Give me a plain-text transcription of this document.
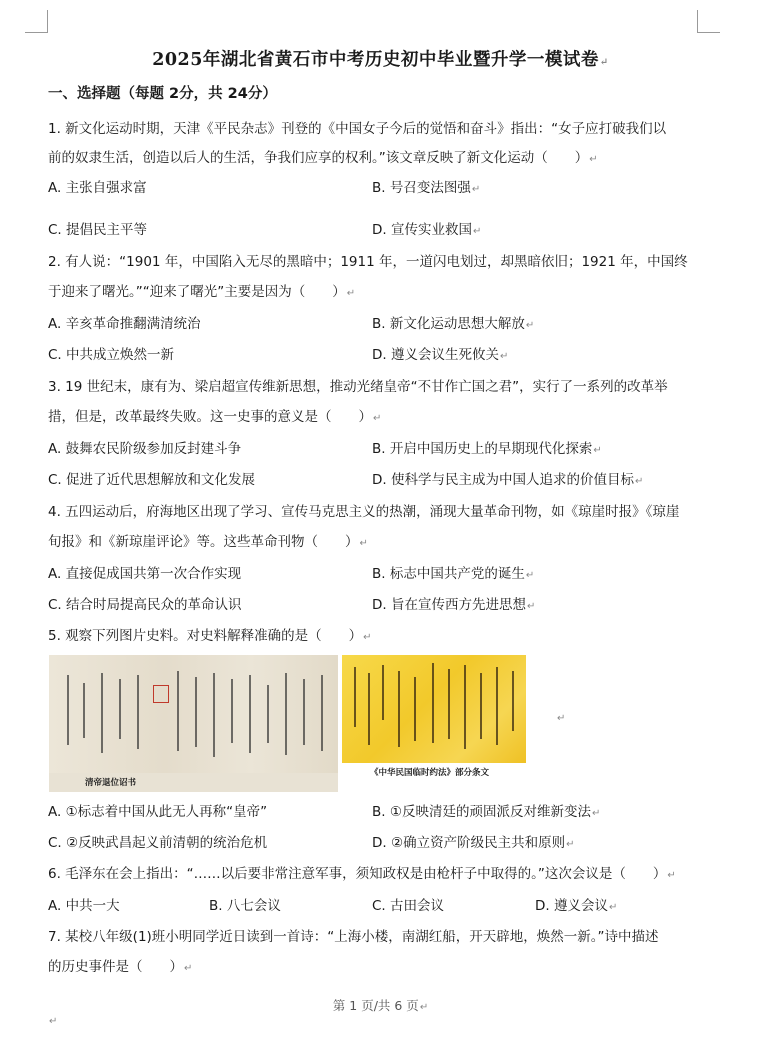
2025年湖北省黄石市中考历史初中毕业暨升学一模试卷↵
一、选择题（每题 2分，共 24分）
1. 新文化运动时期，天津《平民杂志》刊登的《中国女子今后的觉悟和奋斗》指出：“女子应打破我们以
前的奴隶生活，创造以后人的生活，争我们应享的权利。”该文章反映了新文化运动（　　）↵
A. 主张自强求富	B. 号召变法图强↵
C. 提倡民主平等	D. 宣传实业救国↵
2. 有人说：“1901 年，中国陷入无尽的黑暗中；1911 年，一道闪电划过，却黑暗依旧；1921 年，中国终
于迎来了曙光。”“迎来了曙光”主要是因为（　　）↵
A. 辛亥革命推翻满清统治	B. 新文化运动思想大解放↵
C. 中共成立焕然一新	D. 遵义会议生死攸关↵
3. 19 世纪末，康有为、梁启超宣传维新思想，推动光绪皇帝“不甘作亡国之君”，实行了一系列的改革举
措，但是，改革最终失败。这一史事的意义是（　　）↵
A. 鼓舞农民阶级参加反封建斗争	B. 开启中国历史上的早期现代化探索↵
C. 促进了近代思想解放和文化发展	D. 使科学与民主成为中国人追求的价值目标↵
4. 五四运动后，府海地区出现了学习、宣传马克思主义的热潮，涌现大量革命刊物，如《琼崖时报》《琼崖
旬报》和《新琼崖评论》等。这些革命刊物（　　）↵
A. 直接促成国共第一次合作实现	B. 标志中国共产党的诞生↵
C. 结合时局提高民众的革命认识	D. 旨在宣传西方先进思想↵
5. 观察下列图片史料。对史料解释准确的是（　　）↵
清帝退位诏书
《中华民国临时约法》部分条文
↵
A. ①标志着中国从此无人再称“皇帝”	B. ①反映清廷的顽固派反对维新变法↵
C. ②反映武昌起义前清朝的统治危机	D. ②确立资产阶级民主共和原则↵
6. 毛泽东在会上指出：“……以后要非常注意军事，须知政权是由枪杆子中取得的。”这次会议是（　　）↵
A. 中共一大	B. 八七会议	C. 古田会议	D. 遵义会议↵
7. 某校八年级(1)班小明同学近日读到一首诗：“上海小楼，南湖红船，开天辟地，焕然一新。”诗中描述
的历史事件是（　　）↵
第 1 页/共 6 页↵
↵
